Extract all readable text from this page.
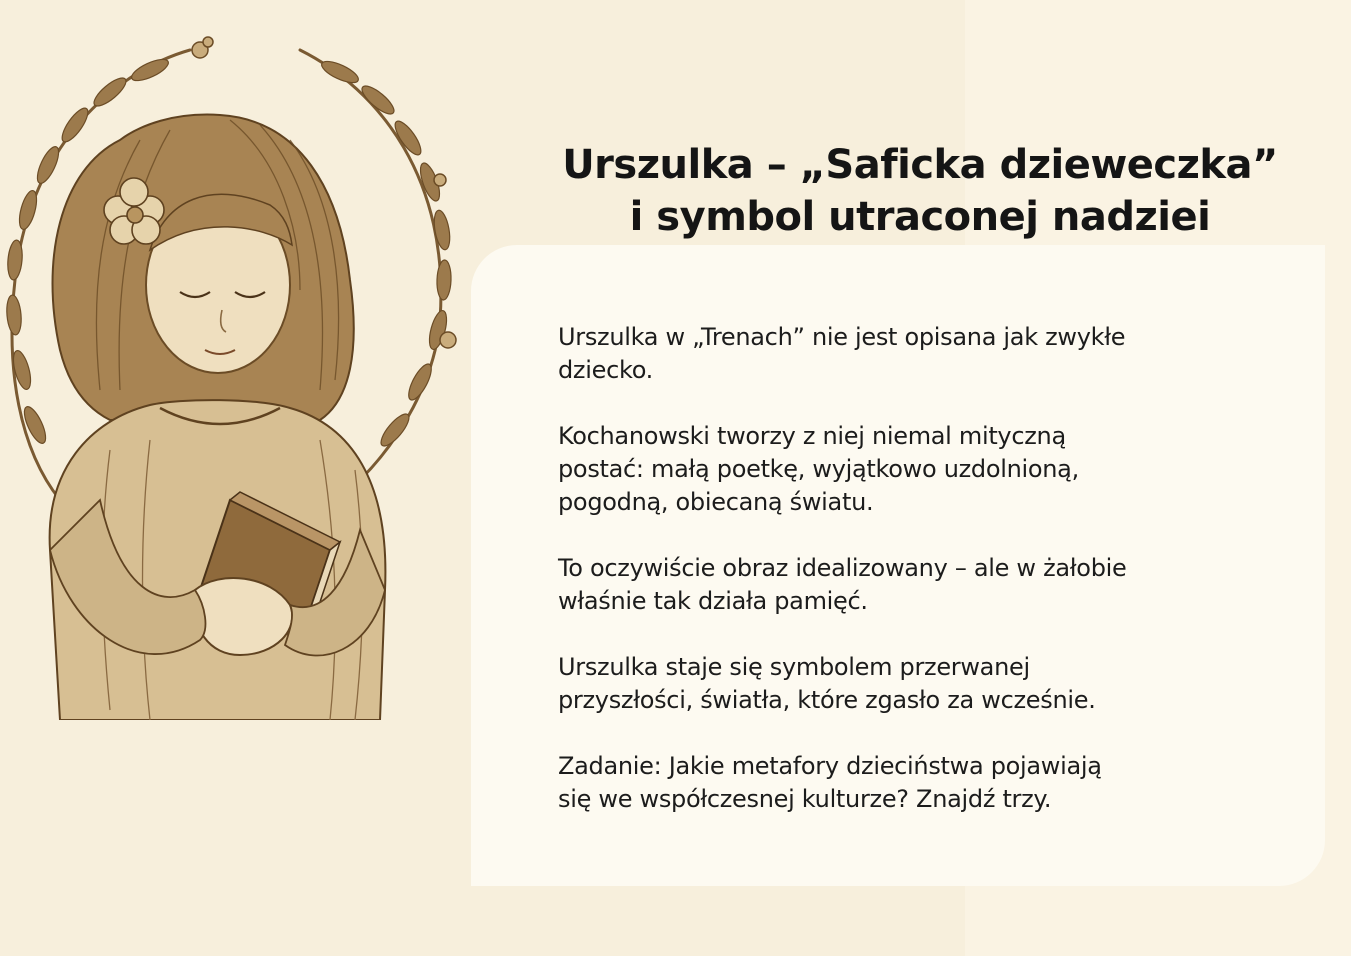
Urszulka – „Saficka dzieweczka”
i symbol utraconej nadziei

Urszulka w „Trenach” nie jest opisana jak zwykłe
dziecko.

Kochanowski tworzy z niej niemal mityczną
postać: małą poetkę, wyjątkowo uzdolnioną,
pogodną, obiecaną światu.

To oczywiście obraz idealizowany – ale w żałobie
właśnie tak działa pamięć.

Urszulka staje się symbolem przerwanej
przyszłości, światła, które zgasło za wcześnie.

Zadanie: Jakie metafory dzieciństwa pojawiają
się we współczesnej kulturze? Znajdź trzy.
